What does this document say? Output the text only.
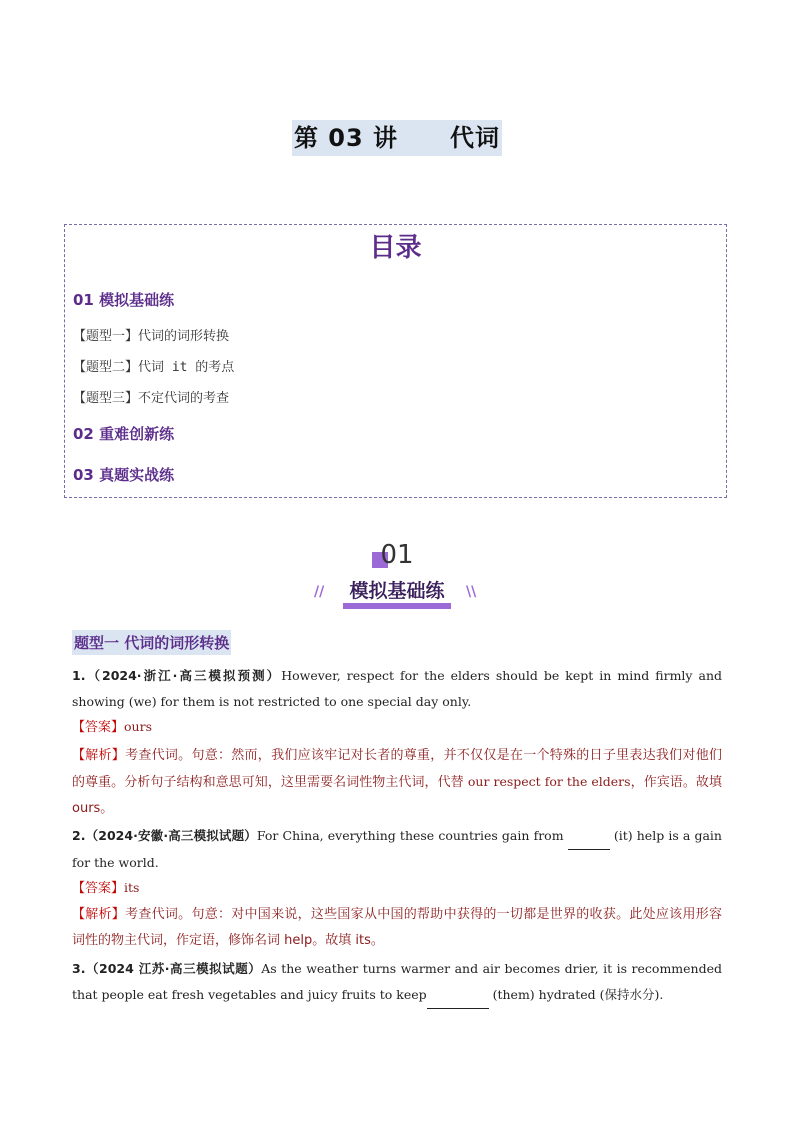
第 03 讲 代词
目录
01 模拟基础练
【题型一】代词的词形转换
【题型二】代词 it 的考点
【题型三】不定代词的考查
02 重难创新练
03 真题实战练
01
//	模拟基础练	\\
题型一 代词的词形转换
1.（2024·浙江·高三模拟预测）However, respect for the elders should be kept in mind firmly and showing (we) for them is not restricted to one special day only.
【答案】ours
【解析】考查代词。句意：然而，我们应该牢记对长者的尊重，并不仅仅是在一个特殊的日子里表达我们对他们的尊重。分析句子结构和意思可知，这里需要名词性物主代词，代替 our respect for the elders，作宾语。故填 ours。
2.（2024·安徽·高三模拟试题）For China, everything these countries gain from	(it) help is a gain for the world.
【答案】its
【解析】考查代词。句意：对中国来说，这些国家从中国的帮助中获得的一切都是世界的收获。此处应该用形容词性的物主代词，作定语，修饰名词 help。故填 its。
3.（2024 江苏·高三模拟试题）As the weather turns warmer and air becomes drier, it is recommended that people eat fresh vegetables and juicy fruits to keep	(them) hydrated (保持水分).
